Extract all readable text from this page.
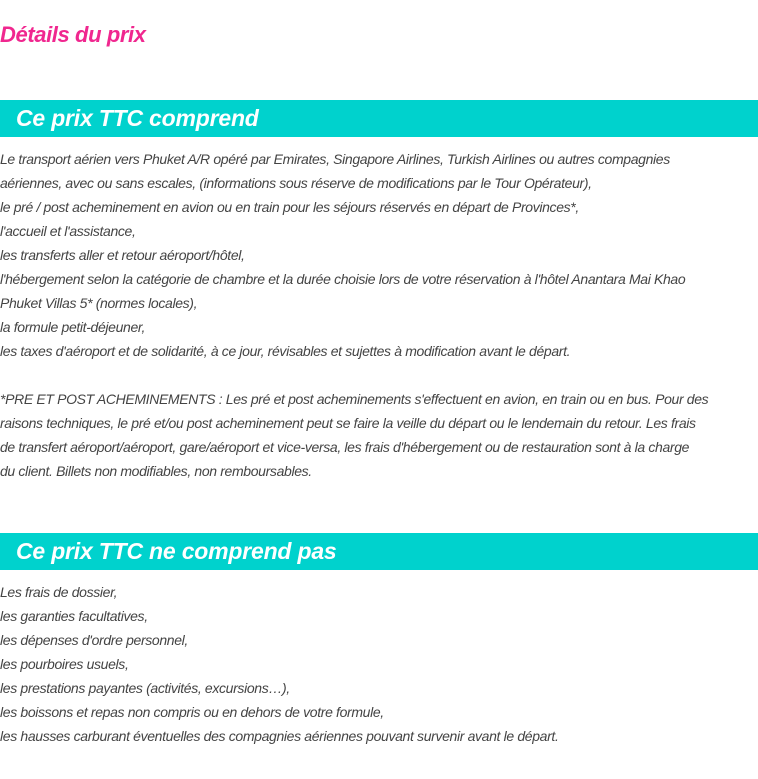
Détails du prix
Ce prix TTC comprend
Le transport aérien vers Phuket A/R opéré par Emirates, Singapore Airlines, Turkish Airlines ou autres compagnies
aériennes, avec ou sans escales, (informations sous réserve de modifications par le Tour Opérateur),
le pré / post acheminement en avion ou en train pour les séjours réservés en départ de Provinces*,
l'accueil et l'assistance,
les transferts aller et retour aéroport/hôtel,
l'hébergement selon la catégorie de chambre et la durée choisie lors de votre réservation à l'hôtel Anantara Mai Khao
Phuket Villas 5* (normes locales),
la formule petit-déjeuner,
les taxes d'aéroport et de solidarité, à ce jour, révisables et sujettes à modification avant le départ.
*PRE ET POST ACHEMINEMENTS : Les pré et post acheminements s'effectuent en avion, en train ou en bus. Pour des
raisons techniques, le pré et/ou post acheminement peut se faire la veille du départ ou le lendemain du retour. Les frais
de transfert aéroport/aéroport, gare/aéroport et vice-versa, les frais d'hébergement ou de restauration sont à la charge
du client. Billets non modifiables, non remboursables.
Ce prix TTC ne comprend pas
Les frais de dossier,
les garanties facultatives,
les dépenses d'ordre personnel,
les pourboires usuels,
les prestations payantes (activités, excursions…),
les boissons et repas non compris ou en dehors de votre formule,
les hausses carburant éventuelles des compagnies aériennes pouvant survenir avant le départ.
